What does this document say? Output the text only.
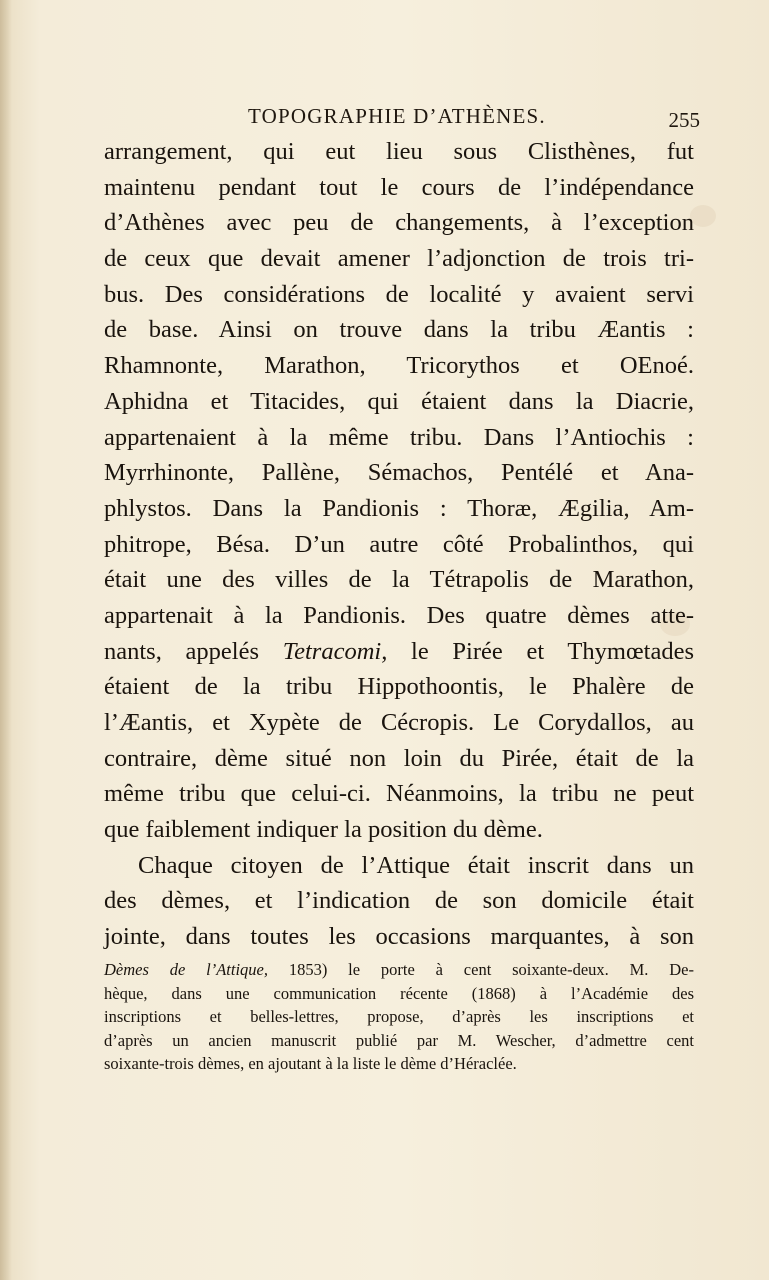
TOPOGRAPHIE D’ATHÈNES.	255
arrangement, qui eut lieu sous Clisthènes, fut
maintenu pendant tout le cours de l’indépendance
d’Athènes avec peu de changements, à l’exception
de ceux que devait amener l’adjonction de trois tri-
bus. Des considérations de localité y avaient servi
de base. Ainsi on trouve dans la tribu Æantis :
Rhamnonte, Marathon, Tricorythos et OEnoé.
Aphidna et Titacides, qui étaient dans la Diacrie,
appartenaient à la même tribu. Dans l’Antiochis :
Myrrhinonte, Pallène, Sémachos, Pentélé et Ana-
phlystos. Dans la Pandionis : Thoræ, Ægilia, Am-
phitrope, Bésa. D’un autre côté Probalinthos, qui
était une des villes de la Tétrapolis de Marathon,
appartenait à la Pandionis. Des quatre dèmes atte-
nants, appelés Tetracomi, le Pirée et Thymœtades
étaient de la tribu Hippothoontis, le Phalère de
l’Æantis, et Xypète de Cécropis. Le Corydallos, au
contraire, dème situé non loin du Pirée, était de la
même tribu que celui-ci. Néanmoins, la tribu ne peut
que faiblement indiquer la position du dème.
Chaque citoyen de l’Attique était inscrit dans un
des dèmes, et l’indication de son domicile était
jointe, dans toutes les occasions marquantes, à son
Dèmes de l’Attique, 1853) le porte à cent soixante-deux. M. De-
hèque, dans une communication récente (1868) à l’Académie des
inscriptions et belles-lettres, propose, d’après les inscriptions et
d’après un ancien manuscrit publié par M. Wescher, d’admettre cent
soixante-trois dèmes, en ajoutant à la liste le dème d’Héraclée.
